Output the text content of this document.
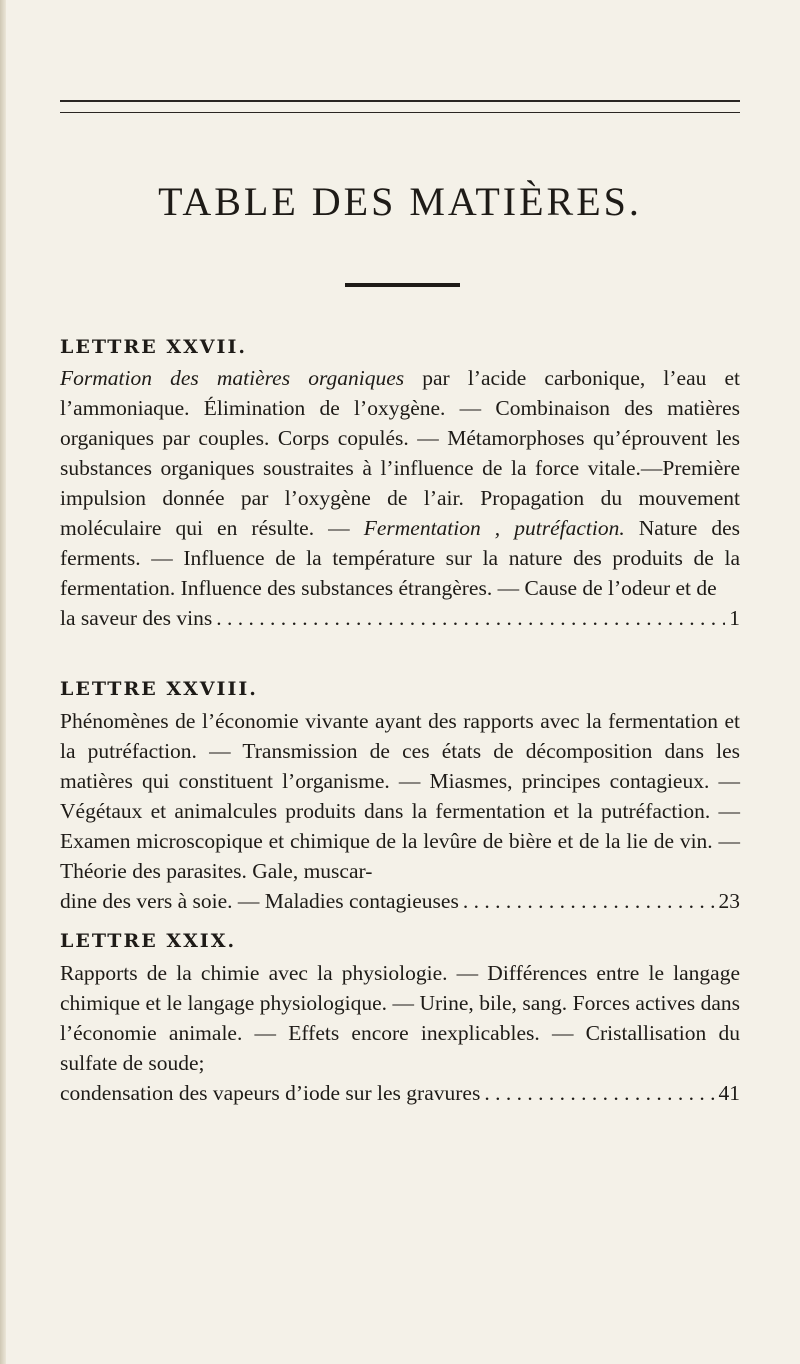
TABLE DES MATIÈRES.
LETTRE XXVII.
Formation des matières organiques par l’acide carbonique, l’eau et l’ammoniaque. Élimination de l’oxygène. — Combinaison des matières organiques par couples. Corps copulés. — Métamorphoses qu’éprouvent les substances organiques soustraites à l’influence de la force vitale.—Première impulsion donnée par l’oxygène de l’air. Propagation du mouvement moléculaire qui en résulte. — Fermentation , putréfaction. Nature des ferments. — Influence de la température sur la nature des produits de la fermentation. Influence des substances étrangères. — Cause de l’odeur et de
la saveur des vins . . .	1
LETTRE XXVIII.
Phénomènes de l’économie vivante ayant des rapports avec la fermentation et la putréfaction. — Transmission de ces états de décomposition dans les matières qui constituent l’organisme. — Miasmes, principes contagieux. — Végétaux et animalcules produits dans la fermentation et la putréfaction. — Examen microscopique et chimique de la levûre de bière et de la lie de vin. — Théorie des parasites. Gale, muscar-
dine des vers à soie. — Maladies contagieuses . . .	23
LETTRE XXIX.
Rapports de la chimie avec la physiologie. — Différences entre le langage chimique et le langage physiologique. — Urine, bile, sang. Forces actives dans l’économie animale. — Effets encore inexplicables. — Cristallisation du sulfate de soude;
condensation des vapeurs d’iode sur les gravures . . .	41
